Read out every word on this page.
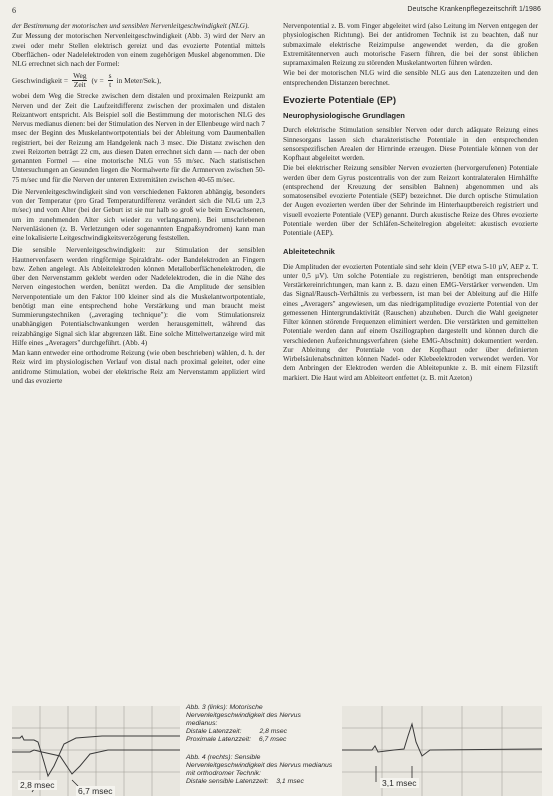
6	Deutsche Krankenpflegezeitschrift 1/1986

der Bestimmung der motorischen und sensiblen Nervenleitgeschwindigkeit (NLG).

Zur Messung der motorischen Nervenleitgeschwindigkeit (Abb. 3) wird der Nerv an zwei oder mehr Stellen elektrisch gereizt und das evozierte Potential mittels Oberflächen- oder Nadelelektroden von einem zugehörigen Muskel abgenommen. Die NLG errechnet sich nach der Formel:

Geschwindigkeit = $\frac{\text{Weg}}{\text{Zeit}} (v = \frac{s}{t}$ in Meter/Sek.),

wobei dem Weg die Strecke zwischen dem distalen und proximalen Reizpunkt am Nerven und der Zeit die Laufzeitdifferenz zwischen der proximalen und distalen Reizantwort entspricht. Als Beispiel soll die Bestimmung der motorischen NLG des Nervus medianus dienen: bei der Stimulation des Nerven in der Ellenbeuge wird nach 7 msec der Beginn des Muskelantwortpotentials bei der Ableitung vom Daumenballen registriert, bei der Reizung am Handgelenk nach 3 msec. Die Distanz zwischen den zwei Reizorten beträgt 22 cm, aus diesen Daten errechnet sich dann — nach der oben genannten Formel — eine motorische NLG von 55 m/sec. Nach statistischen Untersuchungen an Gesunden liegen die Normalwerte für die Armnerven zwischen 50-75 m/sec und für die Nerven der unteren Extremitäten zwischen 40-65 m/sec.

Die Nervenleitgeschwindigkeit sind von verschiedenen Faktoren abhängig, besonders von der Temperatur (pro Grad Temperaturdifferenz verändert sich die NLG um 2,3 m/sec) und vom Alter (bei der Geburt ist sie nur halb so groß wie beim Erwachsenen, um im zunehmenden Alter sich wieder zu verlangsamen). Bei umschriebenen Nervenläsionen (z. B. Verletzungen oder sogenannten Engpaßsyndromen) kann man eine lokalisierte Leitgeschwindigkeitsverzögerung feststellen.

Die sensible Nervenleitgeschwindigkeit: zur Stimulation der sensiblen Hautnervenfasern werden ringförmige Spiraldraht- oder Bandelektroden an Fingern bzw. Zehen angelegt. Als Ableitelektroden können Metalloberflächenelektroden, die über den Nervenstamm geklebt werden oder Nadelelektroden, die in die Nähe des Nerven eingestochen werden, benützt werden. Da die Amplitude der sensiblen Nervenpotentiale um den Faktor 100 kleiner sind als die Muskelantwortpotentiale, benötigt man eine entsprechend hohe Verstärkung und man braucht meist Summierungstechniken („averaging technique"): die vom Stimulationsreiz unabhängigen Potentialschwankungen werden herausgemittelt, während das reizabhängige Signal sich klar abgrenzen läßt. Eine solche Mittelwertanzeige wird mit Hilfe eines „Averagers" durchgeführt. (Abb. 4)

Man kann entweder eine orthodrome Reizung (wie oben beschrieben) wählen, d. h. der Reiz wird im physiologischen Verlauf von distal nach proximal geleitet, oder eine antidrome Stimulation, wobei der elektrische Reiz am Nervenstamm appliziert wird und das evozierte

Nervenpotential z. B. vom Finger abgeleitet wird (also Leitung im Nerven entgegen der physiologischen Richtung). Bei der antidromen Technik ist zu beachten, daß nur submaximale elektrische Reizimpulse angewendet werden, da die großen Extremitätennerven auch motorische Fasern führen, die bei der sonst üblichen supramaximalen Reizung zu störenden Muskelantworten führen würden.

Wie bei der motorischen NLG wird die sensible NLG aus den Latenzzeiten und den entsprechenden Distanzen berechnet.

Evozierte Potentiale (EP)
Neurophysiologische Grundlagen

Durch elektrische Stimulation sensibler Nerven oder durch adäquate Reizung eines Sinnesorgans lassen sich charakteristische Potentiale in den entsprechenden sensorspezifischen Arealen der Hirnrinde erzeugen. Diese Potentiale können von der Kopfhaut abgeleitet werden.

Die bei elektrischer Reizung sensibler Nerven evozierten (hervorgerufenen) Potentiale werden über dem Gyrus postcentralis von der zum Reizort kontralateralen Hirnhälfte (entsprechend der Kreuzung der sensiblen Bahnen) abgenommen und als somatosensibel evozierte Potentiale (SEP) bezeichnet. Die durch optische Stimulation der Augen evozierten werden über der Sehrinde im Hinterhauptbereich registriert und visuell evozierte Potentiale (VEP) genannt. Durch akustische Reize des Ohres evozierte Potentiale werden über der Schläfen-Scheitelregion abgeleitet: akustisch evozierte Potentiale (AEP).

Ableitetechnik

Die Amplituden der evozierten Potentiale sind sehr klein (VEP etwa 5-10 µV, AEP z. T. unter 0,5 µV). Um solche Potentiale zu registrieren, benötigt man entsprechende Verstärkereinrichtungen, man kann z. B. dazu einen EMG-Verstärker verwenden. Um das Signal/Rausch-Verhältnis zu verbessern, ist man bei der Ableitung auf die Hilfe eines „Averagers" angewiesen, um das niedrigamplitudige evozierte Potential von der gemessenen Hintergrundaktivität (Rauschen) abzuheben. Durch die Wahl geeigneter Filter können störende Frequenzen eliminiert werden. Die verstärkten und gemittelten Potentiale werden dann auf einem Oszillographen dargestellt und können durch die verschiedenen Aufzeichnungsverfahren (siehe EMG-Abschnitt) dokumentiert werden. Zur Ableitung der Potentiale von der Kopfhaut oder über definierten Wirbelsäulenabschnitten können Nadel- oder Klebeelektroden verwendet werden. Vor dem Anbringen der Elektroden werden die Ableitepunkte z. B. mit einem Filzstift markiert. Die Haut wird am Ableiteort entfettet (z. B. mit Azeton)

2,8 msec
6,7 msec
Abb. 3 (links): Motorische Nervenleitgeschwindigkeit des Nervus medianus:
Distale Latenzzeit:	2,8 msec
Proximale Latenzzeit: 6,7 msec
Abb. 4 (rechts): Sensible Nervenleitgeschwindigkeit des Nervus medianus mit orthodromer Technik:
Distale sensible Latenzzeit: 3,1 msec	3,1 msec
